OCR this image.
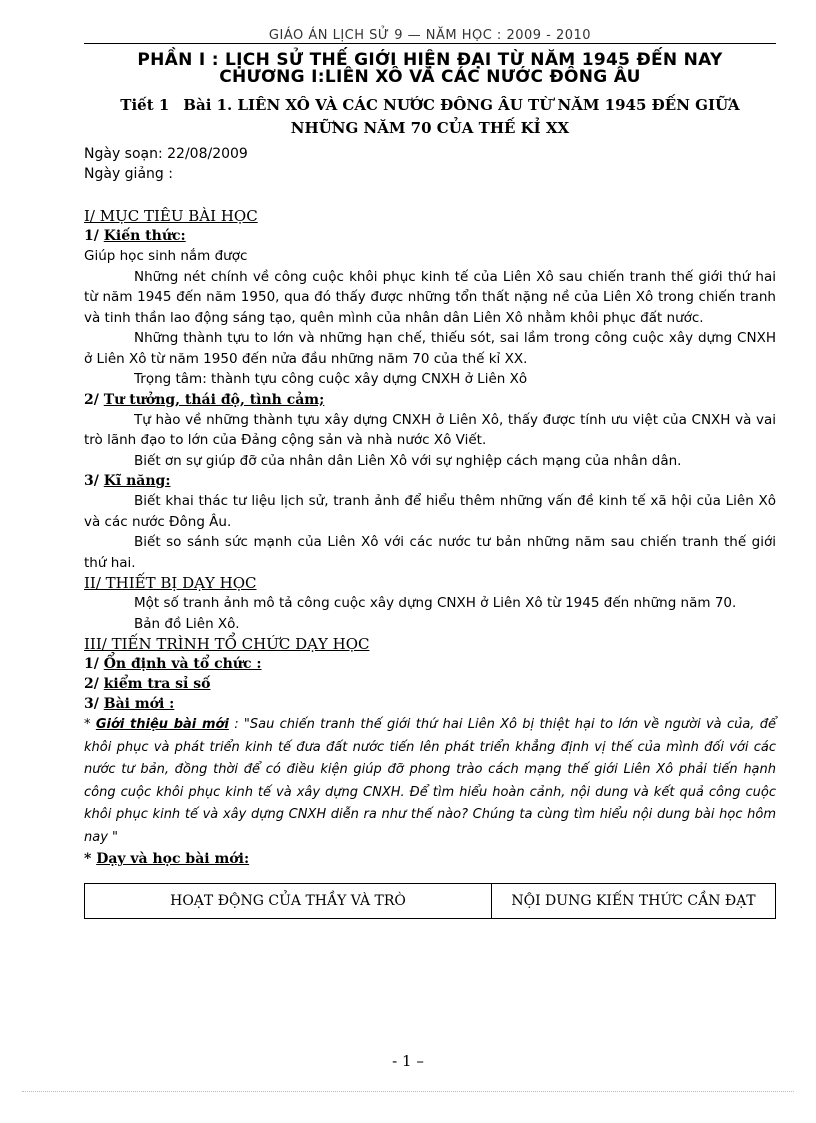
GIÁO ÁN LỊCH SỬ 9 — NĂM HỌC : 2009 - 2010
PHẦN I : LỊCH SỬ THẾ GIỚI HIỆN ĐẠI TỪ NĂM 1945 ĐẾN NAY
CHƯƠNG I:LIÊN XÔ VÀ CÁC NƯỚC ĐÔNG ÂU
Tiết 1 Bài 1. LIÊN XÔ VÀ CÁC NƯỚC ĐÔNG ÂU TỪ NĂM 1945 ĐẾN GIỮA
NHỮNG NĂM 70 CỦA THẾ KỈ XX
Ngày soạn: 22/08/2009
Ngày giảng :
I/ MỤC TIÊU BÀI HỌC
1/ Kiến thức:
Giúp học sinh nắm được
Những nét chính về công cuộc khôi phục kinh tế của Liên Xô sau chiến tranh thế giới thứ hai từ năm 1945 đến năm 1950, qua đó thấy được những tổn thất nặng nề của Liên Xô trong chiến tranh và tinh thần lao động sáng tạo, quên mình của nhân dân Liên Xô nhằm khôi phục đất nước.
Những thành tựu to lớn và những hạn chế, thiếu sót, sai lầm trong công cuộc xây dựng CNXH ở Liên Xô từ năm 1950 đến nửa đầu những năm 70 của thế kỉ XX.
Trọng tâm: thành tựu công cuộc xây dựng CNXH ở Liên Xô
2/ Tư tưởng, thái độ, tình cảm;
Tự hào về những thành tựu xây dựng CNXH ở Liên Xô, thấy được tính ưu việt của CNXH và vai trò lãnh đạo to lớn của Đảng cộng sản và nhà nước Xô Viết.
Biết ơn sự giúp đỡ của nhân dân Liên Xô với sự nghiệp cách mạng của nhân dân.
3/ Kĩ năng:
Biết khai thác tư liệu lịch sử, tranh ảnh để hiểu thêm những vấn đề kinh tế xã hội của Liên Xô và các nước Đông Âu.
Biết so sánh sức mạnh của Liên Xô với các nước tư bản những năm sau chiến tranh thế giới thứ hai.
II/ THIẾT BỊ DẠY HỌC
Một số tranh ảnh mô tả công cuộc xây dựng CNXH ở Liên Xô từ 1945 đến những năm 70.
Bản đồ Liên Xô.
III/ TIẾN TRÌNH TỔ CHỨC DẠY HỌC
1/ Ổn định và tổ chức :
2/ kiểm tra sỉ số
3/ Bài mới :
* Giới thiệu bài mới : "Sau chiến tranh thế giới thứ hai Liên Xô bị thiệt hại to lớn về người và của, để khôi phục và phát triển kinh tế đưa đất nước tiến lên phát triển khẳng định vị thế của mình đối với các nước tư bản, đồng thời để có điều kiện giúp đỡ phong trào cách mạng thế giới Liên Xô phải tiến hạnh công cuộc khôi phục kinh tế và xây dựng CNXH. Để tìm hiểu hoàn cảnh, nội dung và kết quả công cuộc khôi phục kinh tế và xây dựng CNXH diễn ra như thế nào? Chúng ta cùng tìm hiểu nội dung bài học hôm nay "
* Dạy và học bài mới:
HOẠT ĐỘNG CỦA THẦY VÀ TRÒ	NỘI DUNG KIẾN THỨC CẦN ĐẠT
- 1 –
